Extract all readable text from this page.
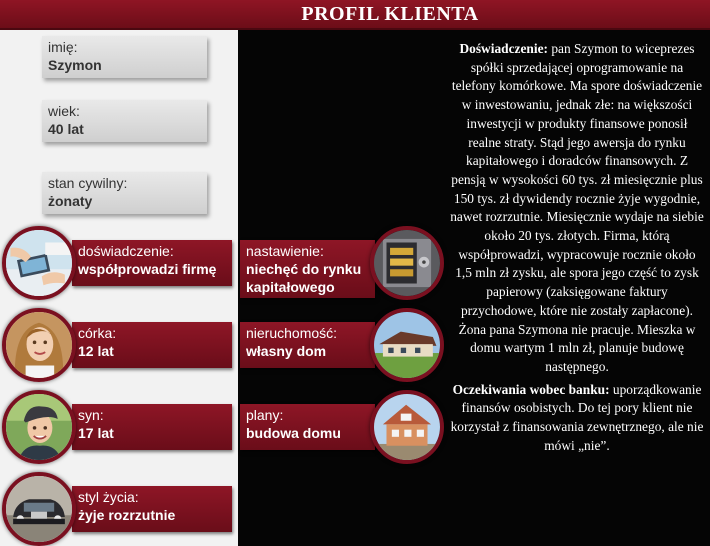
PROFIL KLIENTA
imię:
Szymon
wiek:
40 lat
stan cywilny:
żonaty
doświadczenie:
współprowadzi firmę
córka:
12 lat
syn:
17 lat
styl życia:
żyje rozrzutnie
nastawienie:
niechęć do rynku
kapitałowego
nieruchomość:
własny dom
plany:
budowa domu

Doświadczenie: pan Szymon to wiceprezes spółki sprzedającej oprogramowanie na telefony komórkowe. Ma spore doświadczenie w inwestowaniu, jednak złe: na większości inwestycji w produkty finansowe ponosił realne straty. Stąd jego awersja do rynku kapitałowego i doradców finansowych. Z pensją w wysokości 60 tys. zł miesięcznie plus 150 tys. zł dywidendy rocznie żyje wygodnie, nawet rozrzutnie. Miesięcznie wydaje na siebie około 20 tys. złotych. Firma, którą współprowadzi, wypracowuje rocznie około 1,5 mln zł zysku, ale spora jego część to zysk papierowy (zaksięgowane faktury przychodowe, które nie zostały zapłacone). Żona pana Szymona nie pracuje. Mieszka w domu wartym 1 mln zł, planuje budowę następnego.

Oczekiwania wobec banku: uporządkowanie finansów osobistych. Do tej pory klient nie korzystał z finansowania zewnętrznego, ale nie mówi „nie”.
